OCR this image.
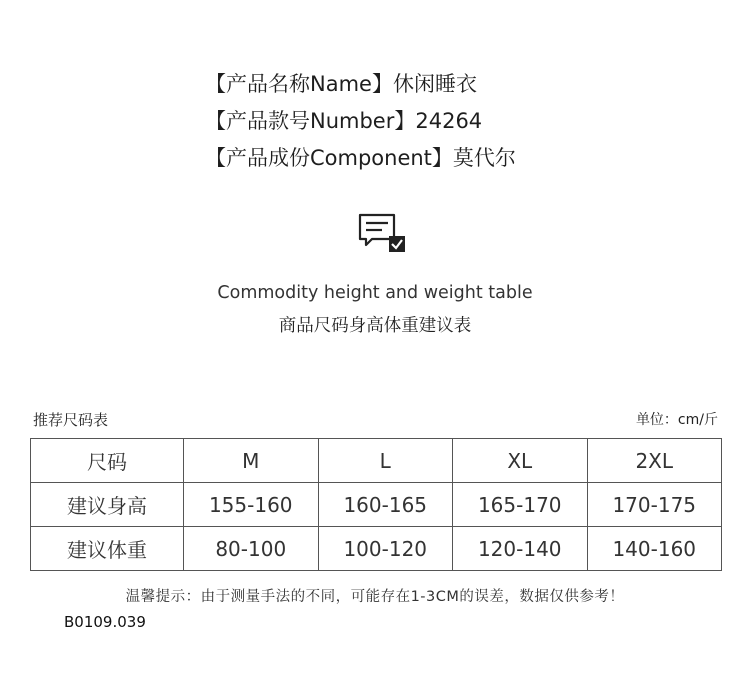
【产品名称Name】休闲睡衣
【产品款号Number】24264
【产品成份Component】莫代尔
Commodity height and weight table
商品尺码身高体重建议表
推荐尺码表	单位：cm/斤
尺码	M	L	XL	2XL
建议身高	155-160	160-165	165-170	170-175
建议体重	80-100	100-120	120-140	140-160
温馨提示：由于测量手法的不同，可能存在1-3CM的误差，数据仅供参考！
B0109.039
